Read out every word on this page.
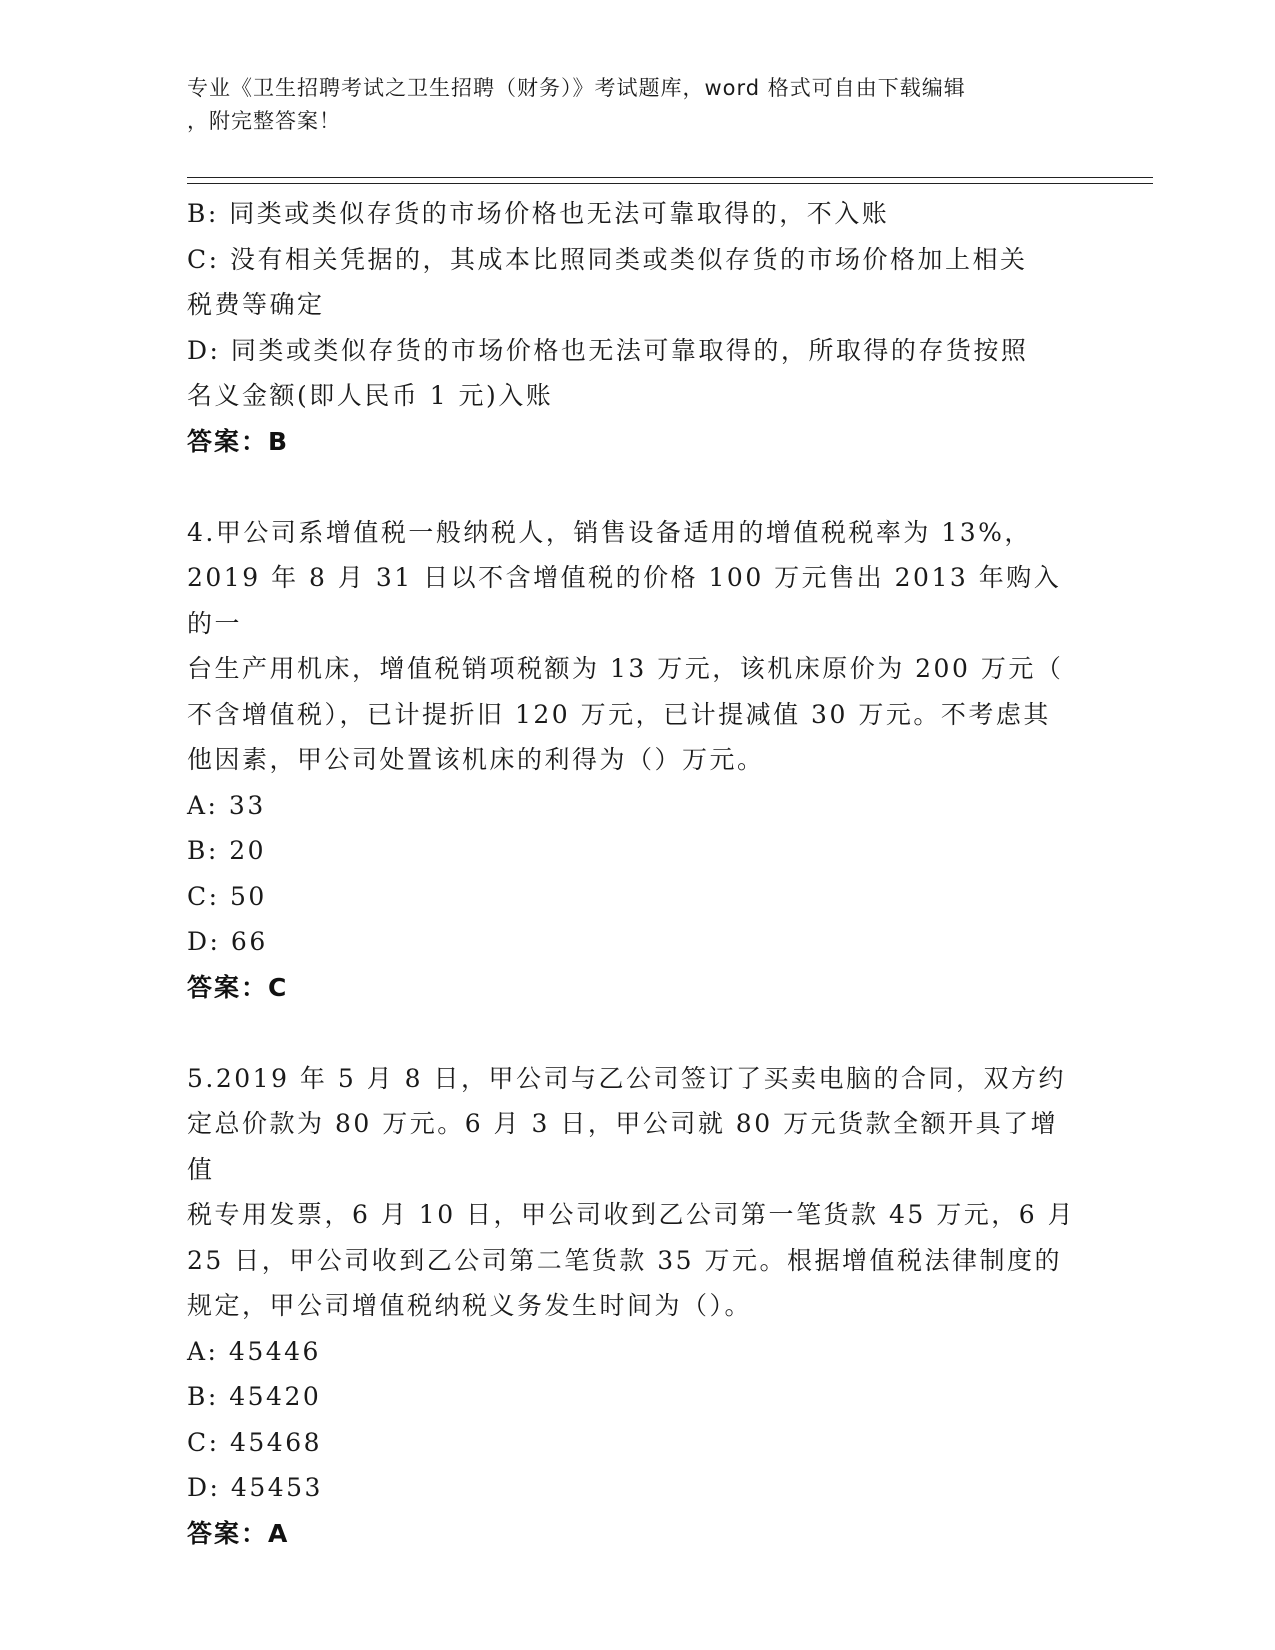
专业《卫生招聘考试之卫生招聘（财务）》考试题库，word 格式可自由下载编辑
，附完整答案！

B: 同类或类似存货的市场价格也无法可靠取得的，不入账

C: 没有相关凭据的，其成本比照同类或类似存货的市场价格加上相关

税费等确定

D: 同类或类似存货的市场价格也无法可靠取得的，所取得的存货按照

名义金额(即人民币 1 元)入账

答案：B

4.甲公司系增值税一般纳税人，销售设备适用的增值税税率为 13%，

2019 年 8 月 31 日以不含增值税的价格 100 万元售出 2013 年购入的一

台生产用机床，增值税销项税额为 13 万元，该机床原价为 200 万元（

不含增值税），已计提折旧 120 万元，已计提减值 30 万元。不考虑其

他因素，甲公司处置该机床的利得为（）万元。

A: 33

B: 20

C: 50

D: 66

答案：C

5.2019 年 5 月 8 日，甲公司与乙公司签订了买卖电脑的合同，双方约

定总价款为 80 万元。6 月 3 日，甲公司就 80 万元货款全额开具了增值

税专用发票，6 月 10 日，甲公司收到乙公司第一笔货款 45 万元，6 月

25 日，甲公司收到乙公司第二笔货款 35 万元。根据增值税法律制度的

规定，甲公司增值税纳税义务发生时间为（）。

A: 45446

B: 45420

C: 45468

D: 45453

答案：A
